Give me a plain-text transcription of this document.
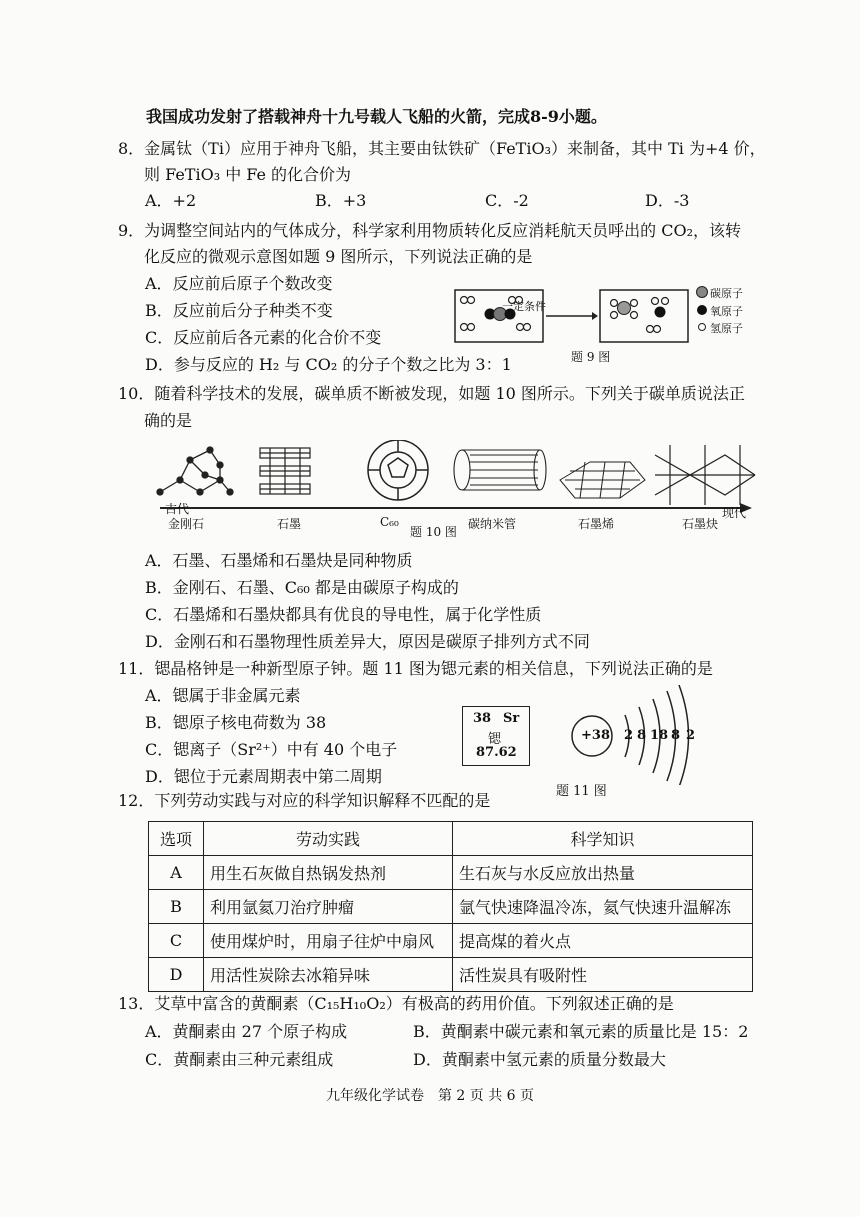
我国成功发射了搭载神舟十九号载人飞船的火箭，完成8-9小题。
8．金属钛（Ti）应用于神舟飞船，其主要由钛铁矿（FeTiO₃）来制备，其中 Ti 为+4 价，
则 FeTiO₃ 中 Fe 的化合价为
A．+2	B．+3	C．-2	D．-3
9．为调整空间站内的气体成分，科学家利用物质转化反应消耗航天员呼出的 CO₂，该转
化反应的微观示意图如题 9 图所示，下列说法正确的是
A．反应前后原子个数改变
B．反应前后分子种类不变
C．反应前后各元素的化合价不变
D．参与反应的 H₂ 与 CO₂ 的分子个数之比为 3：1
一定条件
碳原子
氧原子
氢原子
题 9 图
10．随着科学技术的发展，碳单质不断被发现，如题 10 图所示。下列关于碳单质说法正
确的是
古代	现代
金刚石	石墨	C₆₀
题 10 图
碳纳米管	石墨烯	石墨炔
A．石墨、石墨烯和石墨炔是同种物质
B．金刚石、石墨、C₆₀ 都是由碳原子构成的
C．石墨烯和石墨炔都具有优良的导电性，属于化学性质
D．金刚石和石墨物理性质差异大，原因是碳原子排列方式不同
11．锶晶格钟是一种新型原子钟。题 11 图为锶元素的相关信息，下列说法正确的是
A．锶属于非金属元素
B．锶原子核电荷数为 38
C．锶离子（Sr²⁺）中有 40 个电子
D．锶位于元素周期表中第二周期
38 Sr
锶
87.62
+38 2 8 18 8 2
题 11 图
12．下列劳动实践与对应的科学知识解释不匹配的是
选项	劳动实践	科学知识
A	用生石灰做自热锅发热剂	生石灰与水反应放出热量
B	利用氩氦刀治疗肿瘤	氩气快速降温冷冻，氦气快速升温解冻
C	使用煤炉时，用扇子往炉中扇风	提高煤的着火点
D	用活性炭除去冰箱异味	活性炭具有吸附性
13．艾草中富含的黄酮素（C₁₅H₁₀O₂）有极高的药用价值。下列叙述正确的是
A．黄酮素由 27 个原子构成	B．黄酮素中碳元素和氧元素的质量比是 15：2
C．黄酮素由三种元素组成	D．黄酮素中氢元素的质量分数最大
九年级化学试卷　第 2 页 共 6 页
